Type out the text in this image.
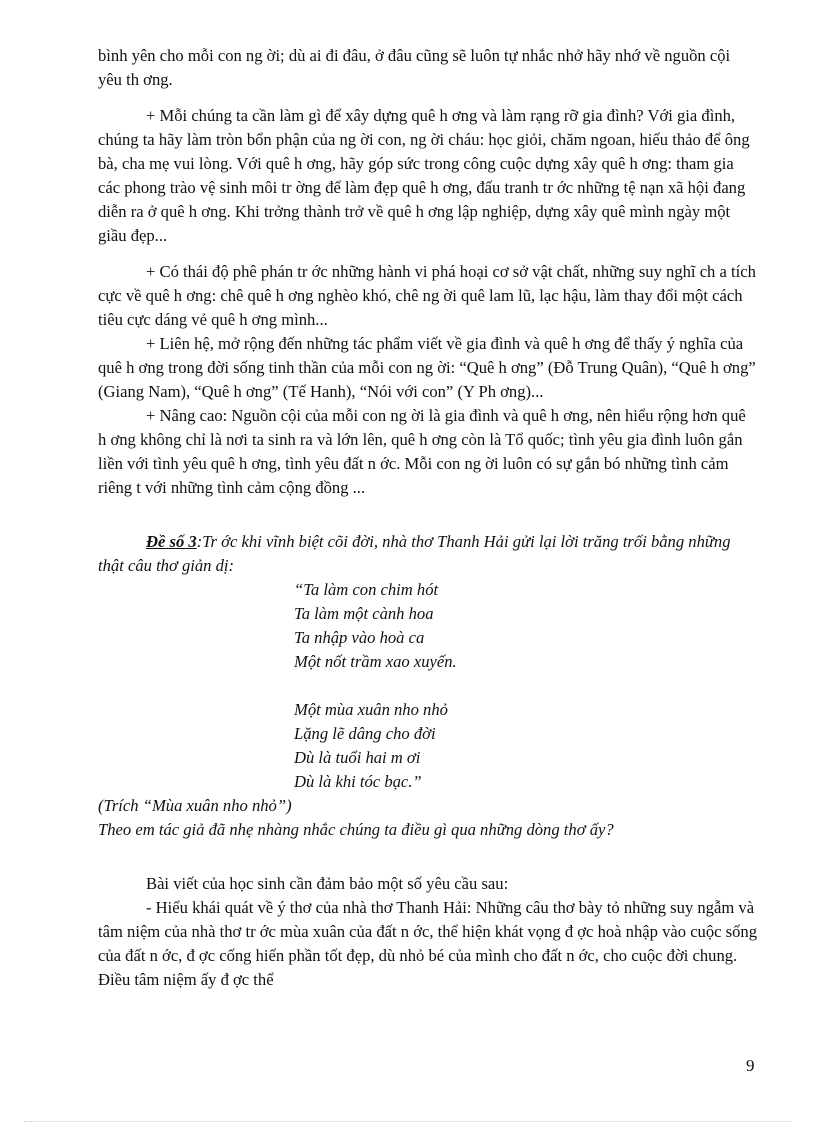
bình yên cho mỗi con ng ời; dù ai đi đâu, ở đâu cũng sẽ luôn tự nhắc nhở hãy nhớ về nguồn cội yêu th ơng.

+ Mỗi chúng ta cần làm gì để xây dựng quê h ơng và làm rạng rỡ gia đình? Với gia đình, chúng ta hãy làm tròn bổn phận của ng ời con, ng ời cháu: học giỏi, chăm ngoan, hiếu thảo để ông bà, cha mẹ vui lòng. Với quê h ơng, hãy góp sức trong công cuộc dựng xây quê h ơng: tham gia các phong trào vệ sinh môi tr ờng để làm đẹp quê h ơng, đấu tranh tr ớc những tệ nạn xã hội đang diễn ra ở quê h ơng. Khi trởng thành trở về quê h ơng lập nghiệp, dựng xây quê mình ngày một giầu đẹp...

+ Có thái độ phê phán tr ớc những hành vi phá hoại cơ sở vật chất, những suy nghĩ ch a tích cực về quê h ơng: chê quê h ơng nghèo khó, chê ng ời quê lam lũ, lạc hậu, làm thay đổi một cách tiêu cực dáng vẻ quê h ơng mình...

+ Liên hệ, mở rộng đến những tác phẩm viết về gia đình và quê h ơng để thấy ý nghĩa của quê h ơng trong đời sống tinh thần của mỗi con ng ời: “Quê h ơng” (Đỗ Trung Quân), “Quê h ơng” (Giang Nam), “Quê h ơng” (Tế Hanh), “Nói với con” (Y Ph ơng)...

+ Nâng cao: Nguồn cội của mỗi con ng ời là gia đình và quê h ơng, nên hiểu rộng hơn quê h ơng không chỉ là nơi ta sinh ra và lớn lên, quê h ơng còn là Tổ quốc; tình yêu gia đình luôn gắn liền với tình yêu quê h ơng, tình yêu đất n ớc. Mỗi con ng ời luôn có sự gắn bó những tình cảm riêng t với những tình cảm cộng đồng ...

Đề số 3:Tr ớc khi vĩnh biệt cõi đời, nhà thơ Thanh Hải gửi lại lời trăng trối bằng những thật câu thơ giản dị:

“Ta làm con chim hót
Ta làm một cành hoa
Ta nhập vào hoà ca
Một nốt trầm xao xuyến.
Một mùa xuân nho nhỏ
Lặng lẽ dâng cho đời
Dù là tuổi hai m ơi
Dù là khi tóc bạc.”

(Trích “Mùa xuân nho nhỏ”)

Theo em tác giả đã nhẹ nhàng nhắc chúng ta điều gì qua những dòng thơ ấy?

Bài viết của học sinh cần đảm bảo một số yêu cầu sau:

- Hiểu khái quát về ý thơ của nhà thơ Thanh Hải: Những câu thơ bày tỏ những suy ngẫm và tâm niệm của nhà thơ tr ớc mùa xuân của đất n ớc, thể hiện khát vọng đ ợc hoà nhập vào cuộc sống của đất n ớc, đ ợc cống hiến phần tốt đẹp, dù nhỏ bé của mình cho đất n ớc, cho cuộc đời chung. Điều tâm niệm ấy đ ợc thể

9
